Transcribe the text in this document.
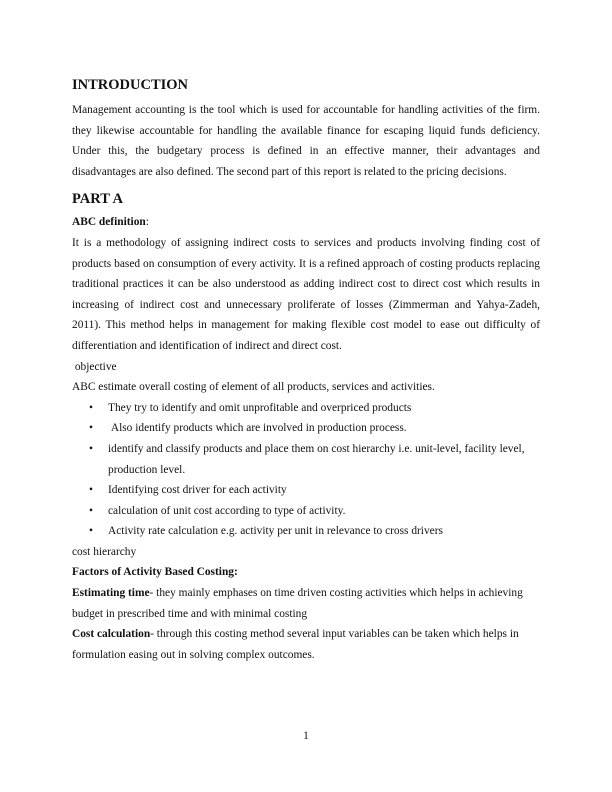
INTRODUCTION

Management accounting is the tool which is used for accountable for handling activities of the firm. they likewise accountable for handling the available finance for escaping liquid funds deficiency. Under this, the budgetary process is defined in an effective manner, their advantages and disadvantages are also defined. The second part of this report is related to the pricing decisions.

PART A

ABC definition:

It is a methodology of assigning indirect costs to services and products involving finding cost of products based on consumption of every activity. It is a refined approach of costing products replacing traditional practices it can be also understood as adding indirect cost to direct cost which results in increasing of indirect cost and unnecessary proliferate of losses (Zimmerman and Yahya-Zadeh, 2011). This method helps in management for making flexible cost model to ease out difficulty of differentiation and identification of indirect and direct cost.

objective

ABC estimate overall costing of element of all products, services and activities.

• They try to identify and omit unprofitable and overpriced products
• Also identify products which are involved in production process.
• identify and classify products and place them on cost hierarchy i.e. unit-level, facility level, production level.
• Identifying cost driver for each activity
• calculation of unit cost according to type of activity.
• Activity rate calculation e.g. activity per unit in relevance to cross drivers

cost hierarchy

Factors of Activity Based Costing:

Estimating time- they mainly emphases on time driven costing activities which helps in achieving budget in prescribed time and with minimal costing

Cost calculation- through this costing method several input variables can be taken which helps in formulation easing out in solving complex outcomes.

1
